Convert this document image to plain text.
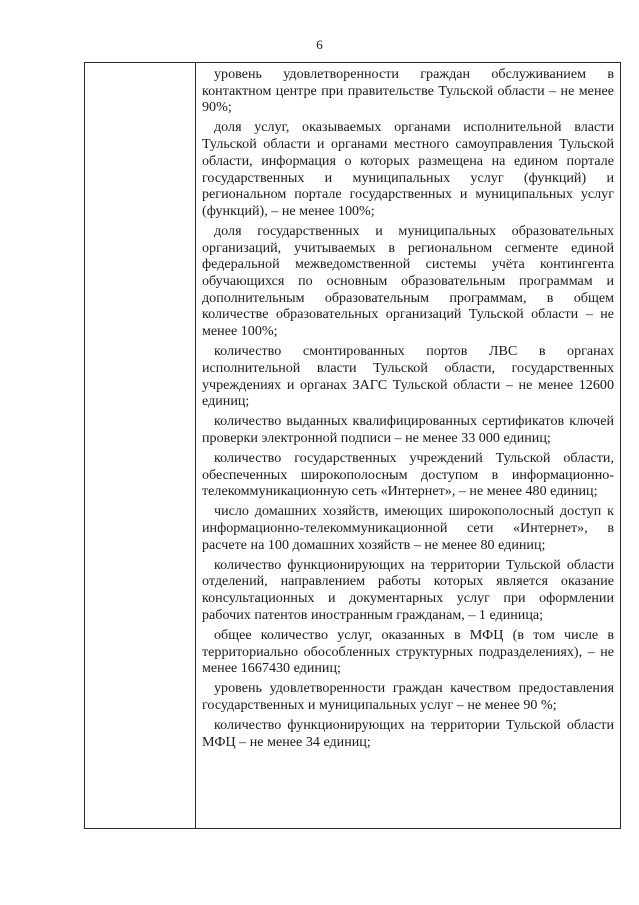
6

уровень удовлетворенности граждан обслуживанием в контактном центре при правительстве Тульской области – не менее 90%;

доля услуг, оказываемых органами исполнительной власти Тульской области и органами местного самоуправления Тульской области, информация о которых размещена на едином портале государственных и муниципальных услуг (функций) и региональном портале государственных и муниципальных услуг (функций), – не менее 100%;

доля государственных и муниципальных образовательных организаций, учитываемых в региональном сегменте единой федеральной межведомственной системы учёта контингента обучающихся по основным образовательным программам и дополнительным образовательным программам, в общем количестве образовательных организаций Тульской области – не менее 100%;

количество смонтированных портов ЛВС в органах исполнительной власти Тульской области, государственных учреждениях и органах ЗАГС Тульской области – не менее 12600 единиц;

количество выданных квалифицированных сертификатов ключей проверки электронной подписи – не менее 33 000 единиц;

количество государственных учреждений Тульской области, обеспеченных широкополосным доступом в информационно-телекоммуникационную сеть «Интернет», – не менее 480 единиц;

число домашних хозяйств, имеющих широкополосный доступ к информационно-телекоммуникационной сети «Интернет», в расчете на 100 домашних хозяйств – не менее 80 единиц;

количество функционирующих на территории Тульской области отделений, направлением работы которых является оказание консультационных и документарных услуг при оформлении рабочих патентов иностранным гражданам, – 1 единица;

общее количество услуг, оказанных в МФЦ (в том числе в территориально обособленных структурных подразделениях), – не менее 1667430 единиц;

уровень удовлетворенности граждан качеством предоставления государственных и муниципальных услуг – не менее 90 %;

количество функционирующих на территории Тульской области МФЦ – не менее 34 единиц;
